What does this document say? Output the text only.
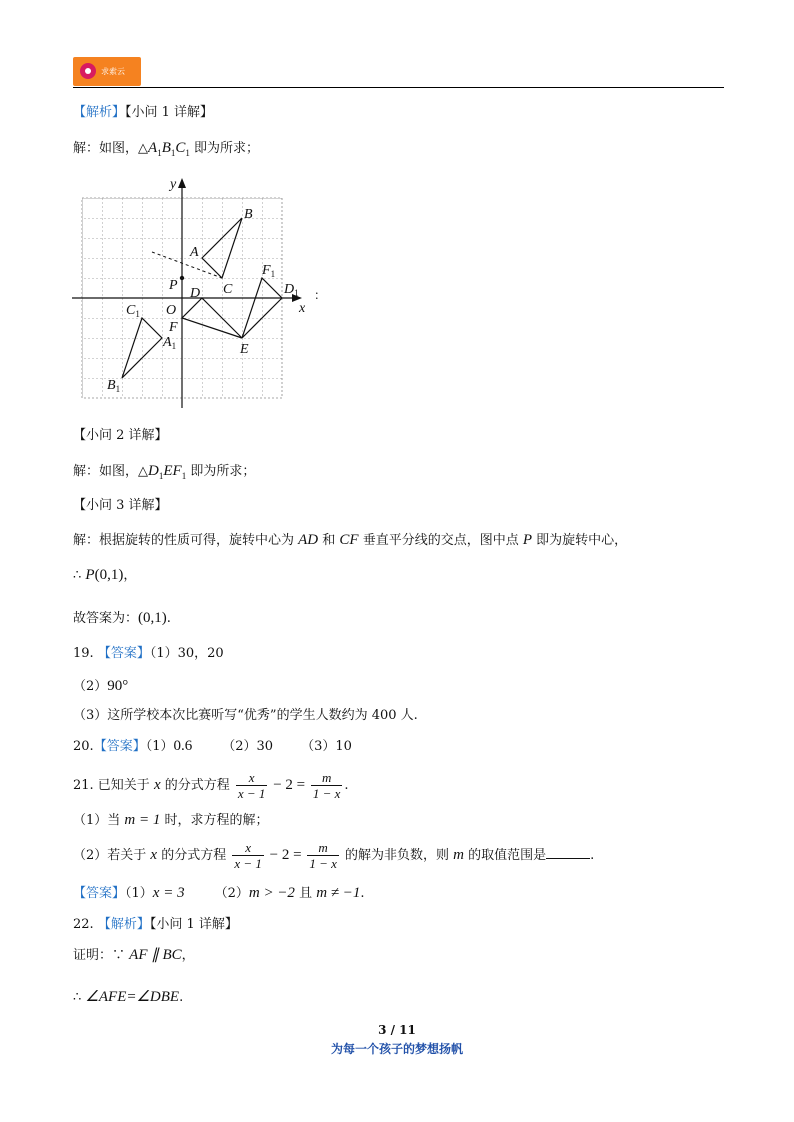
求索云
【解析】【小问 1 详解】
解：如图，$\triangle A_1B_1C_1$ 即为所求；
y
x
P
O
D C
A
B
$F_1$
$D_1$
F
E
$C_1$
$A_1$
$B_1$
：
【小问 2 详解】
解：如图，$\triangle D_1EF_1$ 即为所求；
【小问 3 详解】
解：根据旋转的性质可得，旋转中心为 AD 和 CF 垂直平分线的交点，图中点 P 即为旋转中心，
∴ P(0,1)，
故答案为：(0,1).
19. 【答案】（1）30，20
（2）90°
（3）这所学校本次比赛听写“优秀”的学生人数约为 400 人.
20.【答案】（1）0.6 （2）30 （3）10
21. 已知关于 x 的分式方程 $\frac{x}{x - 1} - 2 = \frac{m}{1 - x}$ .
（1）当 m = 1 时，求方程的解；
（2）若关于 x 的分式方程 $\frac{x}{x - 1} - 2 = \frac{m}{1 - x}$ 的解为非负数，则 m 的取值范围是	.
【答案】（1）x = 3 （2）m > −2 且 m ≠ −1.
22. 【解析】【小问 1 详解】
证明：∵ AF ∥ BC，
∴ ∠AFE=∠DBE.
3 / 11
为每一个孩子的梦想扬帆
